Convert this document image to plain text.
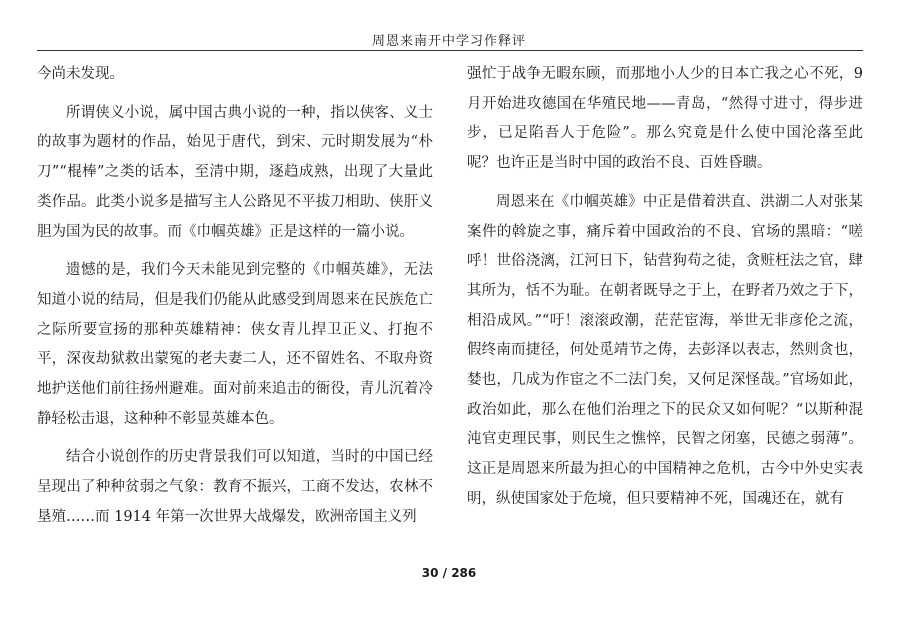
周恩来南开中学习作释评

今尚未发现。

所谓侠义小说，属中国古典小说的一种，指以侠客、义士的故事为题材的作品，始见于唐代，到宋、元时期发展为“朴刀”“棍棒”之类的话本，至清中期，逐趋成熟，出现了大量此类作品。此类小说多是描写主人公路见不平拔刀相助、侠肝义胆为国为民的故事。而《巾帼英雄》正是这样的一篇小说。

遗憾的是，我们今天未能见到完整的《巾帼英雄》，无法知道小说的结局，但是我们仍能从此感受到周恩来在民族危亡之际所要宣扬的那种英雄精神：侠女青儿捍卫正义、打抱不平，深夜劫狱救出蒙冤的老夫妻二人，还不留姓名、不取舟资地护送他们前往扬州避难。面对前来追击的衙役，青儿沉着冷静轻松击退，这种种不彰显英雄本色。

结合小说创作的历史背景我们可以知道，当时的中国已经呈现出了种种贫弱之气象：教育不振兴，工商不发达，农林不垦殖……而 1914 年第一次世界大战爆发，欧洲帝国主义列

强忙于战争无暇东顾，而那地小人少的日本亡我之心不死，9月开始进攻德国在华殖民地——青岛，“然得寸进寸，得步进步，已足陷吾人于危险”。那么究竟是什么使中国沦落至此呢？也许正是当时中国的政治不良、百姓昏聩。

周恩来在《巾帼英雄》中正是借着洪直、洪湖二人对张某案件的斡旋之事，痛斥着中国政治的不良、官场的黑暗：“嗟呼！世俗浇漓，江河日下，钻营狗苟之徒，贪赃枉法之官，肆其所为，恬不为耻。在朝者既导之于上，在野者乃效之于下，相沿成风。”“吁！滚滚政潮，茫茫宦海，举世无非彦伦之流，假终南而捷径，何处觅靖节之俦，去彭泽以表志，然则贪也，婪也，几成为作宦之不二法门矣，又何足深怪哉。”官场如此，政治如此，那么在他们治理之下的民众又如何呢？“以斯种混沌官吏理民事，则民生之憔悴，民智之闭塞，民德之弱薄”。这正是周恩来所最为担心的中国精神之危机，古今中外史实表明，纵使国家处于危境，但只要精神不死，国魂还在，就有

30 / 286
